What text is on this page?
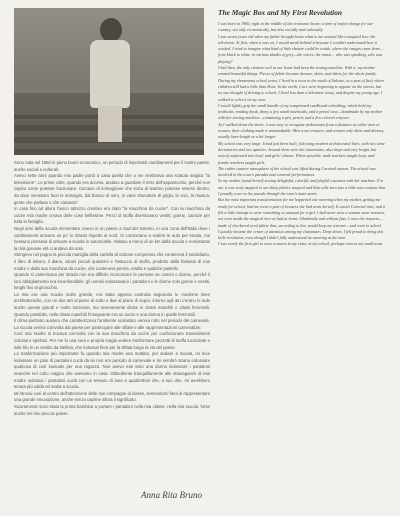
Sono nata nel 1960 in pieno boom economico, un periodo di importanti cambiamenti per il nostro paese, anche sociali e culturali.

Avevo sette anni quando mio padre portò a casa quella che a me sembrava una scatola magica "la televisione". Le prime volte, quando era accesa, andavo a guardare il retro dell'apparecchio, perché non capivo come potesse funzionare. Cercavo di immaginare che sorta di teatrino potesse esserci dentro, da dove venissero fuori le immagini, dal bianco al nero, in varie sfumature di grigio, le voci, la musica, gente che parlava o che cantava?

In casa fino ad allora l'unico attrezzo creativo era stato "la macchina da cucire". Con la macchina da cucire mia madre creava delle cose bellissime. Pezzi di stoffa diventavano vestiti, gonne, camicie per tutta la famiglia.

Negli anni della scuola elementare vivevo in un paese a Sud del Salento, in una zona dell'Italia dove i cambiamenti arrivano un po' in ritardo rispetto al nord. Si cominciano a vedere le auto per strada, ma nessuno pensava di arrivare a scuola in automobile. Abitavo a meno di un km dalla scuola e nonostante la mia giovane età ci andavo da sola.

Stringevo nel pugno la piccola maniglia della cartella di cartone compresso che conteneva il sussidiario, il libro di lettura, il diario, alcuni piccoli quaderni e l'astuccio di stoffa, prodotto dalla fantasia di mia madre e dalla sua macchina da cucire, che conteneva penna, matita e qualche pastello.

Quando si camminava per strada non era difficile riconoscere le persone se uomini o donne, perché il loro abbigliamento era inconfondibile: gli uomini indossavano i pantaloni e le donne solo gonne e vestiti, lunghi fino al ginocchio.

La mia era una scuola molto grande, era stata appena costruita seguendo le moderne linee architettoniche, con un due atri al piano di sotto e due al piano di sopra, intorno agli atri c'erano le aule anche queste grandi e molto luminose, ma severamente divise in classi maschili e classi femminili. Quando possibile, nelle classi maschili l'insegnante era un uomo e una donna in quelle femminili.

Il clima piuttosto austero che caratterizzava l'ambiente scolastico veniva rotto nel periodo del carnevale. La scuola veniva coinvolta dal paese per partecipare alle sfilate e alle rappresentazioni carnevalizie.

Così mia madre si trovava coinvolta con la sua macchina da cucire per confezionare travestimenti colorati e spiritosi. Per me fu una vera e propria magia vedere trasformare pezzetti di stoffa luccicante e tulle blu in un vestito da stellina, che indossai fiera per la sfilata lungo la via del paese.

La trasformazione più importante fu quando mia madre una mattina, per andare a scuola, mi fece indossare un paio di pantaloni cuciti da lei non era periodo di carnevale e mi sembrò strano indossare qualcosa di così inusuale per una ragazza. Non avevo mai visto una donna indossare i pantaloni neanche nel cubo magico che avevamo in casa. Obbediente tranquillamente alle stravaganze di mia madre indossai i pantaloni cuciti con un tessuto di lana a quadrettoni che, a suo dire, mi avrebbero tenuta più calda ed andai a scuola.

Mi ritrovai così al centro dell'attenzione delle mie compagne di classe, sentendomi fiera di rappresentare una grande innovazione, anche senza capirne allora il significato.

Sicuramente sono stata la prima bambina a portare i pantaloni nella mia classe, nella mia scuola, forse anche nel mio piccolo paese.

Anna Rita Bruno
The Magic Box and My First Revolution

I was born in 1960, right in the middle of the economic boom; a time of major change for our country, not only economically, but also socially and culturally.

I was seven years old when my father brought home what to me seemed like a magical box: the television. At first, when it was on, I would sneak behind it because I couldn't understand how it worked. I tried to imagine what kind of little theater could be inside, where the images came from—from black to white, in various shades of grey—the voices, the music... who was speaking, who was playing?

Until then, the only creative tool in our home had been the sewing machine. With it, my mother created beautiful things. Pieces of fabric became dresses, skirts, and shirts for the whole family.

During my elementary school years, I lived in a town in the south of Salento, in a part of Italy where children still had a little Stan Hour. In the north, Cars were beginning to appear on the streets, but no one thought of driving to school. I lived less than a kilometer away, and despite my young age, I walked to school on my own.

I would lightly grip the small handle of my compressed cardboard schoolbag, which held my textbooks, reading book, diary, a few small notebooks, and a pencil case—handmade by my mother with her sewing machine—containing a pen, pencil, and a few colored crayons.

As I walked down the street, it was easy to recognize pedestrians from a distance as either men or women, their clothing made it unmistakable. Men wore trousers, and women only skirts and dresses, usually knee-length or a bit longer.

My school was very large. It had just been built, following modern architectural lines, with two wine dormitories and two upstairs. Around them were the classrooms, also large and very bright, but strictly separated into boys' and girls' classes. Where possible, male teachers taught boys, and female teachers taught girls.

The rather austere atmosphere of the school was lifted during Carnival season. The school was involved in the town's parades and carnival performances.

So my mother found herself sewing delightful, colorful, and playful costumes with her machine. For me, it was truly magical to see shiny fabrics unspool and blue tulle turn into a little star costume that I proudly wore in the parade through the town's main street.

But the most important transformation for me happened one morning when my mother, getting me ready for school, had me wear a pair of trousers she had sewn herself. It wasn't Carnival time, and it felt a little strange to wear something so unusual for a girl. I had never seen a woman wear trousers, not even inside the magical box we had at home. Obediently and without fuss, I wore the trousers—made of checkered wool fabric that, according to her, would keep me warmer—and went to school.

I quickly became the center of attention among my classmates. Deep down, I felt proud to bring this little revolution, even though I didn't fully understand its meaning at the time.

I was surely the first girl to wear trousers in my class, in my school, perhaps even in my small town.
